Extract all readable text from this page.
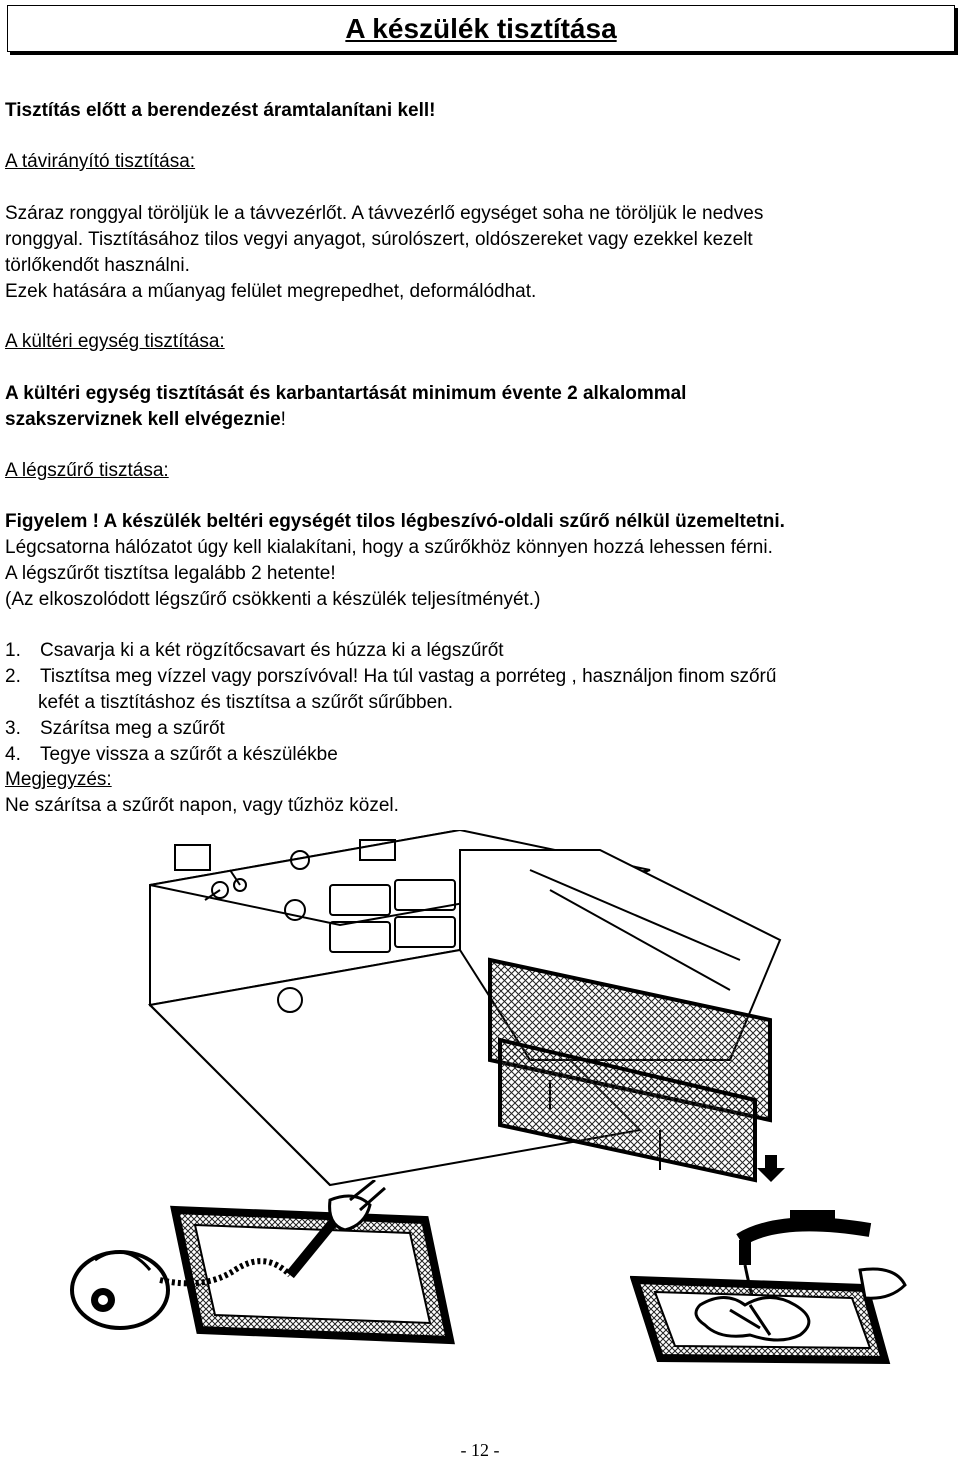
A készülék tisztítása
Tisztítás előtt a berendezést áramtalanítani kell!
A távirányító tisztítása:
Száraz ronggyal töröljük le a távvezérlőt. A távvezérlő egységet soha ne töröljük le nedves
ronggyal. Tisztításához tilos vegyi anyagot, súrolószert, oldószereket vagy ezekkel kezelt
törlőkendőt használni.
Ezek hatására a műanyag felület megrepedhet, deformálódhat.
A kültéri egység tisztítása:
A kültéri egység tisztítását és karbantartását minimum évente 2 alkalommal
szakszerviznek kell elvégeznie!
A légszűrő tisztása:
Figyelem ! A készülék beltéri egységét tilos légbeszívó-oldali szűrő nélkül üzemeltetni.
Légcsatorna hálózatot úgy kell kialakítani, hogy a szűrőkhöz könnyen hozzá lehessen férni.
A légszűrőt tisztítsa legalább 2 hetente!
(Az elkoszolódott légszűrő csökkenti a készülék teljesítményét.)
1. Csavarja ki a két rögzítőcsavart és húzza ki a légszűrőt
2. Tisztítsa meg vízzel vagy porszívóval! Ha túl vastag a porréteg , használjon finom szőrű
kefét a tisztításhoz és tisztítsa a szűrőt sűrűbben.
3. Szárítsa meg a szűrőt
4. Tegye vissza a szűrőt a készülékbe
Megjegyzés:
Ne szárítsa a szűrőt napon, vagy tűzhöz közel.
- 12 -
